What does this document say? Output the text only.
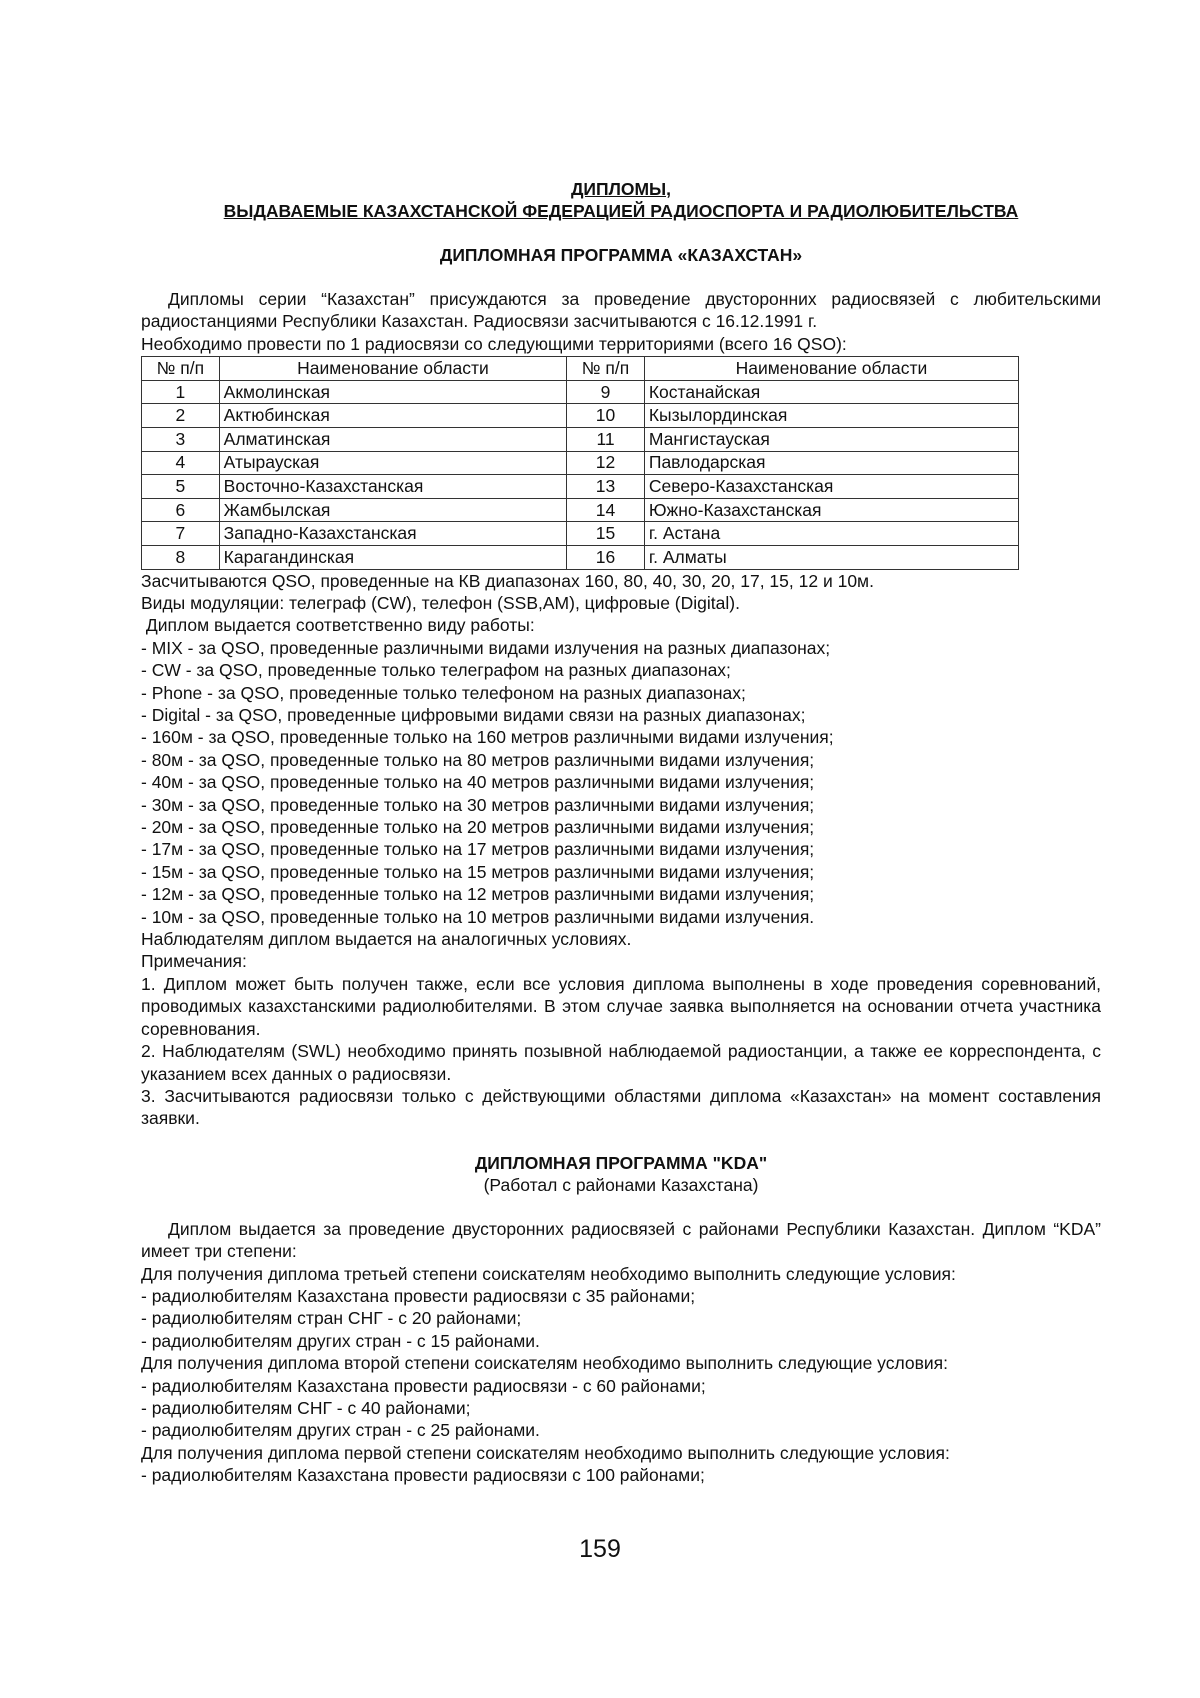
ДИПЛОМЫ,
ВЫДАВАЕМЫЕ КАЗАХСТАНСКОЙ ФЕДЕРАЦИЕЙ РАДИОСПОРТА И РАДИОЛЮБИТЕЛЬСТВА
ДИПЛОМНАЯ ПРОГРАММА «КАЗАХСТАН»

Дипломы серии “Казахстан” присуждаются за проведение двусторонних радиосвязей с любительскими радиостанциями Республики Казахстан. Радиосвязи засчитываются с 16.12.1991 г.

Необходимо провести по 1 радиосвязи со следующими территориями (всего 16 QSO):

№ п/п	Наименование области	№ п/п	Наименование области
1	Акмолинская	9	Костанайская
2	Актюбинская	10	Кызылординская
3	Алматинская	11	Мангистауская
4	Атырауская	12	Павлодарская
5	Восточно-Казахстанская	13	Северо-Казахстанская
6	Жамбылская	14	Южно-Казахстанская
7	Западно-Казахстанская	15	г. Астана
8	Карагандинская	16	г. Алматы

Засчитываются QSO, проведенные на КВ диапазонах 160, 80, 40, 30, 20, 17, 15, 12 и 10м.

Виды модуляции: телеграф (CW), телефон (SSB,AM), цифровые (Digital).

Диплом выдается соответственно виду работы:

- MIX - за QSO, проведенные различными видами излучения на разных диапазонах;

- CW - за QSO, проведенные только телеграфом на разных диапазонах;

- Phone - за QSO, проведенные только телефоном на разных диапазонах;

- Digital - за QSO, проведенные цифровыми видами связи на разных диапазонах;

- 160м - за QSO, проведенные только на 160 метров различными видами излучения;

- 80м - за QSO, проведенные только на 80 метров различными видами излучения;

- 40м - за QSO, проведенные только на 40 метров различными видами излучения;

- 30м - за QSO, проведенные только на 30 метров различными видами излучения;

- 20м - за QSO, проведенные только на 20 метров различными видами излучения;

- 17м - за QSO, проведенные только на 17 метров различными видами излучения;

- 15м - за QSO, проведенные только на 15 метров различными видами излучения;

- 12м - за QSO, проведенные только на 12 метров различными видами излучения;

- 10м - за QSO, проведенные только на 10 метров различными видами излучения.

Наблюдателям диплом выдается на аналогичных условиях.

Примечания:

1. Диплом может быть получен также, если все условия диплома выполнены в ходе проведения соревнований, проводимых казахстанскими радиолюбителями. В этом случае заявка выполняется на основании отчета участника соревнования.

2. Наблюдателям (SWL) необходимо принять позывной наблюдаемой радиостанции, а также ее корреспондента, с указанием всех данных о радиосвязи.

3. Засчитываются радиосвязи только с действующими областями диплома «Казахстан» на момент составления заявки.

ДИПЛОМНАЯ ПРОГРАММА "KDA"
(Работал с районами Казахстана)

Диплом выдается за проведение двусторонних радиосвязей с районами Республики Казахстан. Диплом “KDA” имеет три степени:

Для получения диплома третьей степени соискателям необходимо выполнить следующие условия:

- радиолюбителям Казахстана провести радиосвязи с 35 районами;

- радиолюбителям стран СНГ - с 20 районами;

- радиолюбителям других стран - с 15 районами.

Для получения диплома второй степени соискателям необходимо выполнить следующие условия:

- радиолюбителям Казахстана провести радиосвязи - с 60 районами;

- радиолюбителям СНГ - с 40 районами;

- радиолюбителям других стран - с 25 районами.

Для получения диплома первой степени соискателям необходимо выполнить следующие условия:

- радиолюбителям Казахстана провести радиосвязи с 100 районами;

159
